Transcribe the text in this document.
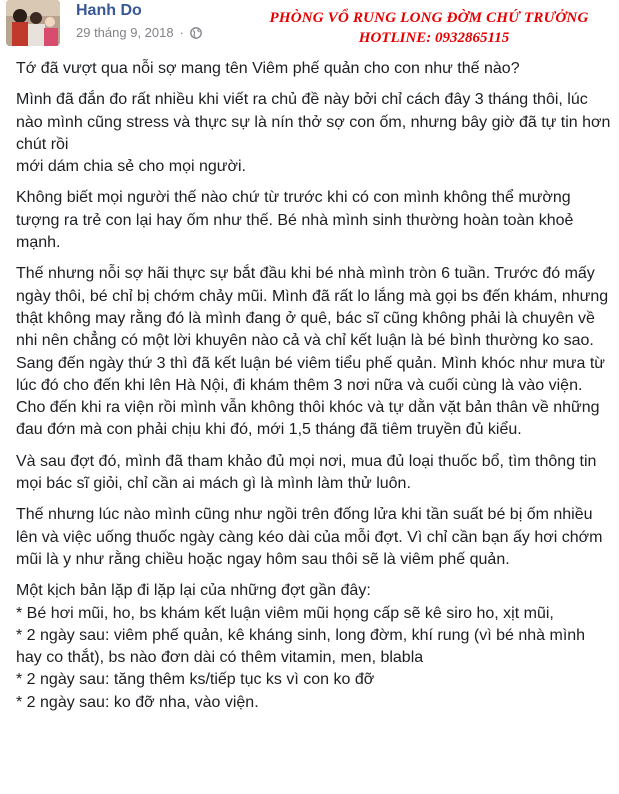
Hanh Do
29 tháng 9, 2018 ·
PHÒNG VỔ RUNG LONG ĐỜM CHỨ TRƯỞNG
HOTLINE: 0932865115

Tớ đã vượt qua nỗi sợ mang tên Viêm phế quản cho con như thế nào?

Mình đã đắn đo rất nhiều khi viết ra chủ đề này bởi chỉ cách đây 3 tháng thôi, lúc nào mình cũng stress và thực sự là nín thở sợ con ốm, nhưng bây giờ đã tự tin hơn chút rồi
mới dám chia sẻ cho mọi người.

Không biết mọi người thế nào chứ từ trước khi có con mình không thể mường tượng ra trẻ con lại hay ốm như thế. Bé nhà mình sinh thường hoàn toàn khoẻ mạnh.

Thế nhưng nỗi sợ hãi thực sự bắt đầu khi bé nhà mình tròn 6 tuần. Trước đó mấy ngày thôi, bé chỉ bị chớm chảy mũi. Mình đã rất lo lắng mà gọi bs đến khám, nhưng thật không may rằng đó là mình đang ở quê, bác sĩ cũng không phải là chuyên về nhi nên chẳng có một lời khuyên nào cả và chỉ kết luận là bé bình thường ko sao. Sang đến ngày thứ 3 thì đã kết luận bé viêm tiểu phế quản. Mình khóc như mưa từ lúc đó cho đến khi lên Hà Nội, đi khám thêm 3 nơi nữa và cuối cùng là vào viện. Cho đến khi ra viện rồi mình vẫn không thôi khóc và tự dằn vặt bản thân về những đau đớn mà con phải chịu khi đó, mới 1,5 tháng đã tiêm truyền đủ kiểu.

Và sau đợt đó, mình đã tham khảo đủ mọi nơi, mua đủ loại thuốc bổ, tìm thông tin mọi bác sĩ giỏi, chỉ cần ai mách gì là mình làm thử luôn.

Thế nhưng lúc nào mình cũng như ngồi trên đống lửa khi tần suất bé bị ốm nhiều lên và việc uống thuốc ngày càng kéo dài của mỗi đợt. Vì chỉ cần bạn ấy hơi chớm mũi là y như rằng chiều hoặc ngay hôm sau thôi sẽ là viêm phế quản.

Một kịch bản lặp đi lặp lại của những đợt gần đây:
* Bé hơi mũi, ho, bs khám kết luận viêm mũi họng cấp sẽ kê siro ho, xịt mũi,
* 2 ngày sau: viêm phế quản, kê kháng sinh, long đờm, khí rung (vì bé nhà mình hay co thắt), bs nào đơn dài có thêm vitamin, men, blabla
* 2 ngày sau: tăng thêm ks/tiếp tục ks vì con ko đỡ
* 2 ngày sau: ko đỡ nha, vào viện.
